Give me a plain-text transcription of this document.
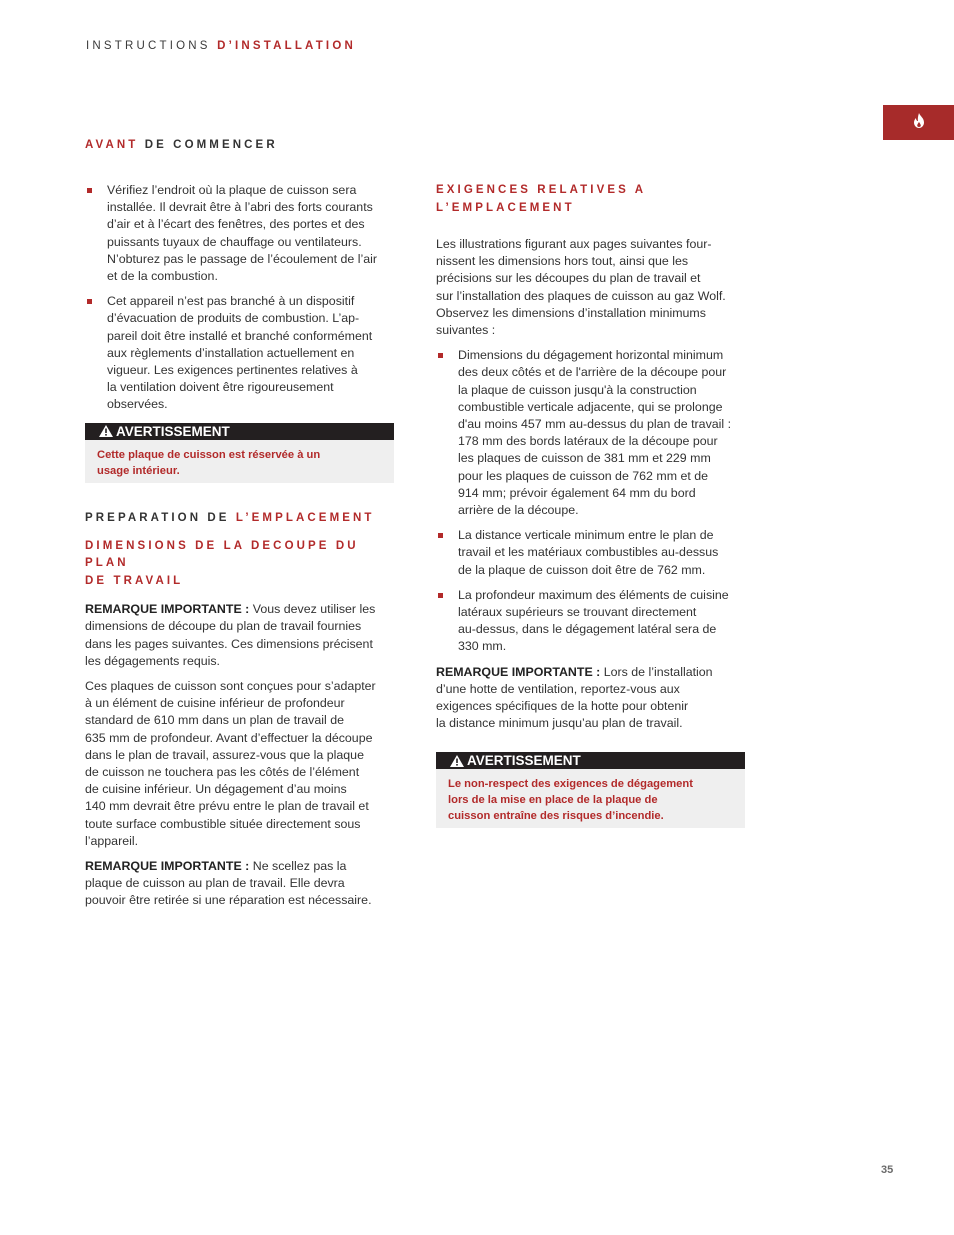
INSTRUCTIONS D’INSTALLATION
AVANT DE COMMENCER
Vérifiez l’endroit où la plaque de cuisson sera
installée. Il devrait être à l’abri des forts courants
d’air et à l’écart des fenêtres, des portes et des
puissants tuyaux de chauffage ou ventilateurs.
N’obturez pas le passage de l’écoulement de l’air
et de la combustion.
Cet appareil n’est pas branché à un dispositif
d’évacuation de produits de combustion. L’ap-
pareil doit être installé et branché conformément
aux règlements d’installation actuellement en
vigueur. Les exigences pertinentes relatives à
la ventilation doivent être rigoureusement
observées.
AVERTISSEMENT
Cette plaque de cuisson est réservée à un
usage intérieur.
PREPARATION DE L’EMPLACEMENT
DIMENSIONS DE LA DECOUPE DU PLAN
DE TRAVAIL

REMARQUE IMPORTANTE : Vous devez utiliser les
dimensions de découpe du plan de travail fournies
dans les pages suivantes. Ces dimensions précisent
les dégagements requis.

Ces plaques de cuisson sont conçues pour s’adapter
à un élément de cuisine inférieur de profondeur
standard de 610 mm dans un plan de travail de
635 mm de profondeur. Avant d’effectuer la découpe
dans le plan de travail, assurez-vous que la plaque
de cuisson ne touchera pas les côtés de l’élément
de cuisine inférieur. Un dégagement d’au moins
140 mm devrait être prévu entre le plan de travail et
toute surface combustible située directement sous
l’appareil.

REMARQUE IMPORTANTE : Ne scellez pas la
plaque de cuisson au plan de travail. Elle devra
pouvoir être retirée si une réparation est nécessaire.

EXIGENCES RELATIVES A L’EMPLACEMENT

Les illustrations figurant aux pages suivantes four-
nissent les dimensions hors tout, ainsi que les
précisions sur les découpes du plan de travail et
sur l’installation des plaques de cuisson au gaz Wolf.
Observez les dimensions d’installation minimums
suivantes :

Dimensions du dégagement horizontal minimum
des deux côtés et de l'arrière de la découpe pour
la plaque de cuisson jusqu'à la construction
combustible verticale adjacente, qui se prolonge
d'au moins 457 mm au-dessus du plan de travail :
178 mm des bords latéraux de la découpe pour
les plaques de cuisson de 381 mm et 229 mm
pour les plaques de cuisson de 762 mm et de
914 mm; prévoir également 64 mm du bord
arrière de la découpe.
La distance verticale minimum entre le plan de
travail et les matériaux combustibles au-dessus
de la plaque de cuisson doit être de 762 mm.
La profondeur maximum des éléments de cuisine
latéraux supérieurs se trouvant directement
au-dessus, dans le dégagement latéral sera de
330 mm.

REMARQUE IMPORTANTE : Lors de l’installation
d’une hotte de ventilation, reportez-vous aux
exigences spécifiques de la hotte pour obtenir
la distance minimum jusqu’au plan de travail.

AVERTISSEMENT
Le non-respect des exigences de dégagement
lors de la mise en place de la plaque de
cuisson entraîne des risques d’incendie.
35
